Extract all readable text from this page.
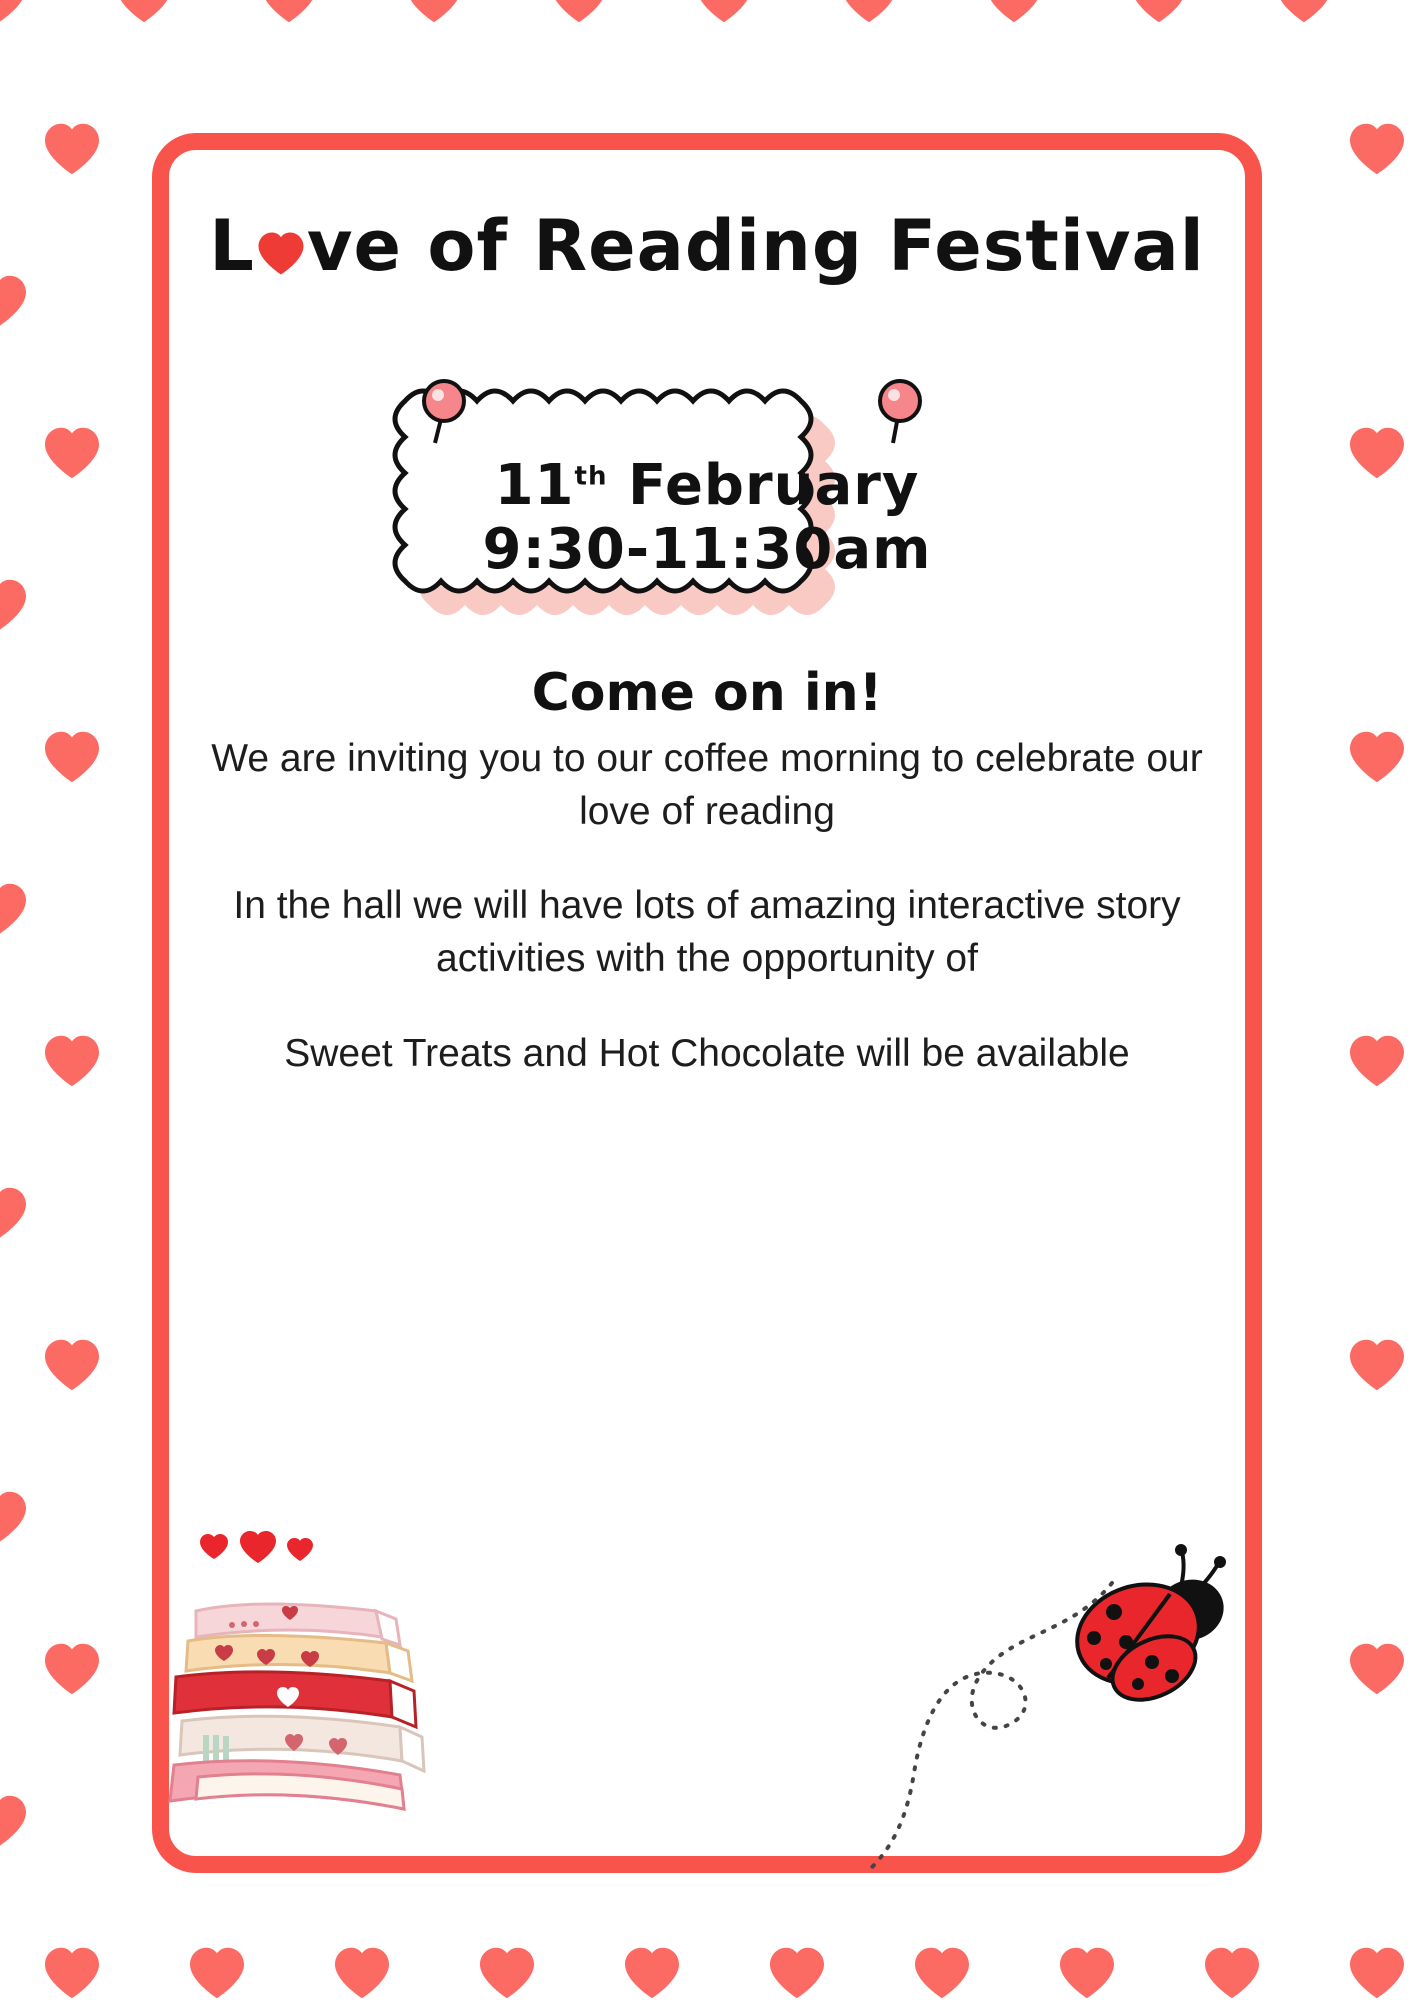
L ve of Reading Festival
11th February
9:30-11:30am
Come on in!

We are inviting you to our coffee morning to celebrate our love of reading

In the hall we will have lots of amazing interactive story activities with the opportunity of

Sweet Treats and Hot Chocolate will be available
